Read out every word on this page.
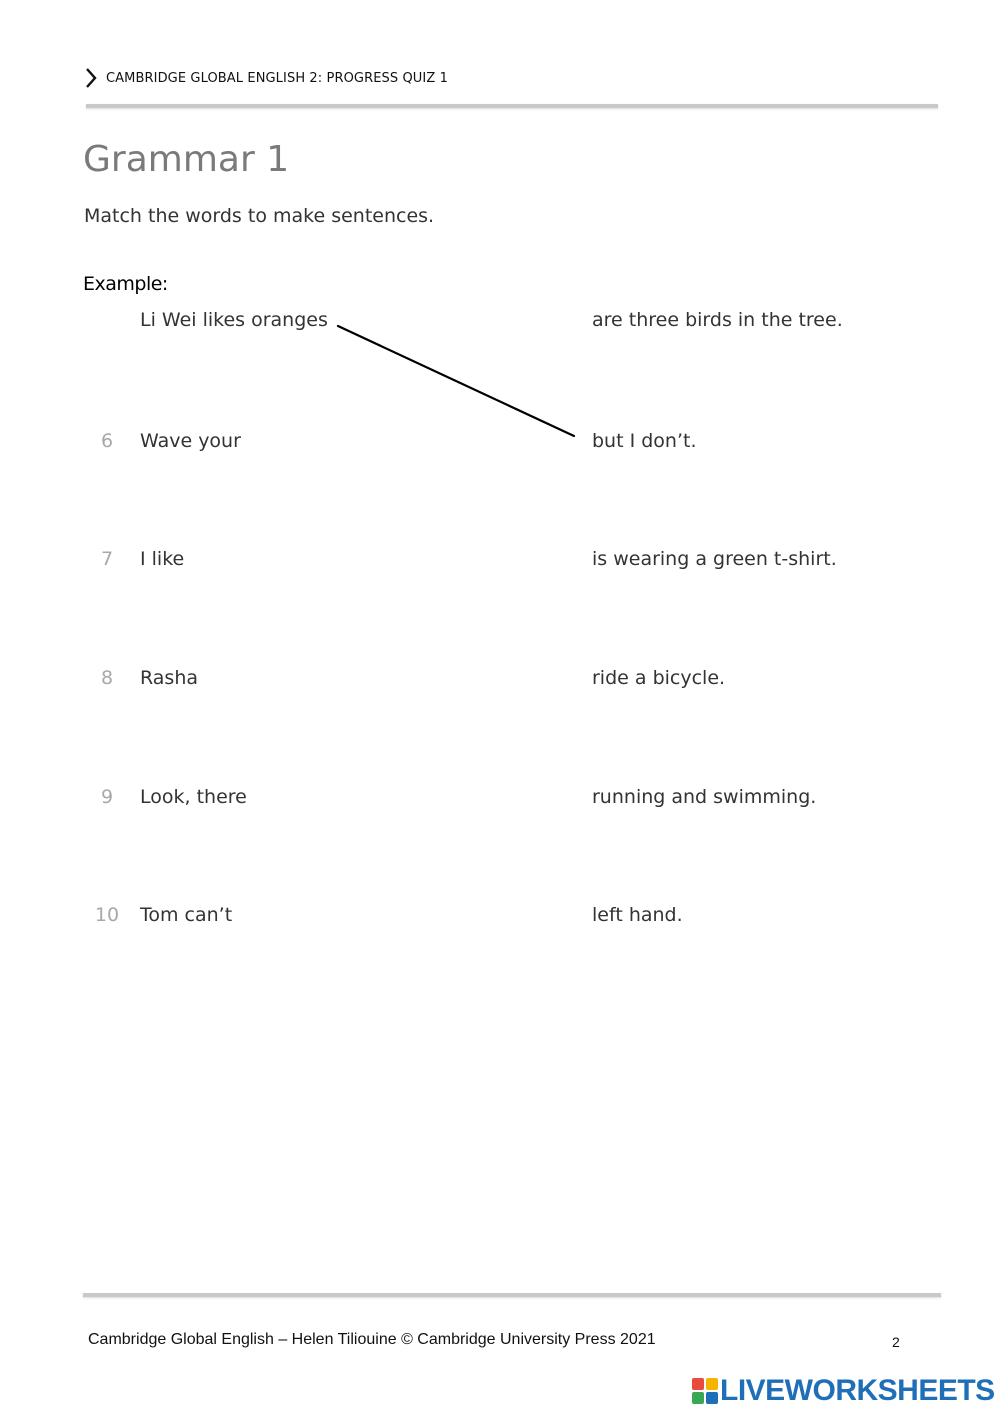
CAMBRIDGE GLOBAL ENGLISH 2: PROGRESS QUIZ 1
Grammar 1
Match the words to make sentences.
Example:
Li Wei likes oranges	are three birds in the tree.
6	Wave your	but I don’t.
7	I like	is wearing a green t-shirt.
8	Rasha	ride a bicycle.
9	Look, there	running and swimming.
10 Tom can’t	left hand.
Cambridge Global English – Helen Tiliouine © Cambridge University Press 2021	2
LIVEWORKSHEETS
